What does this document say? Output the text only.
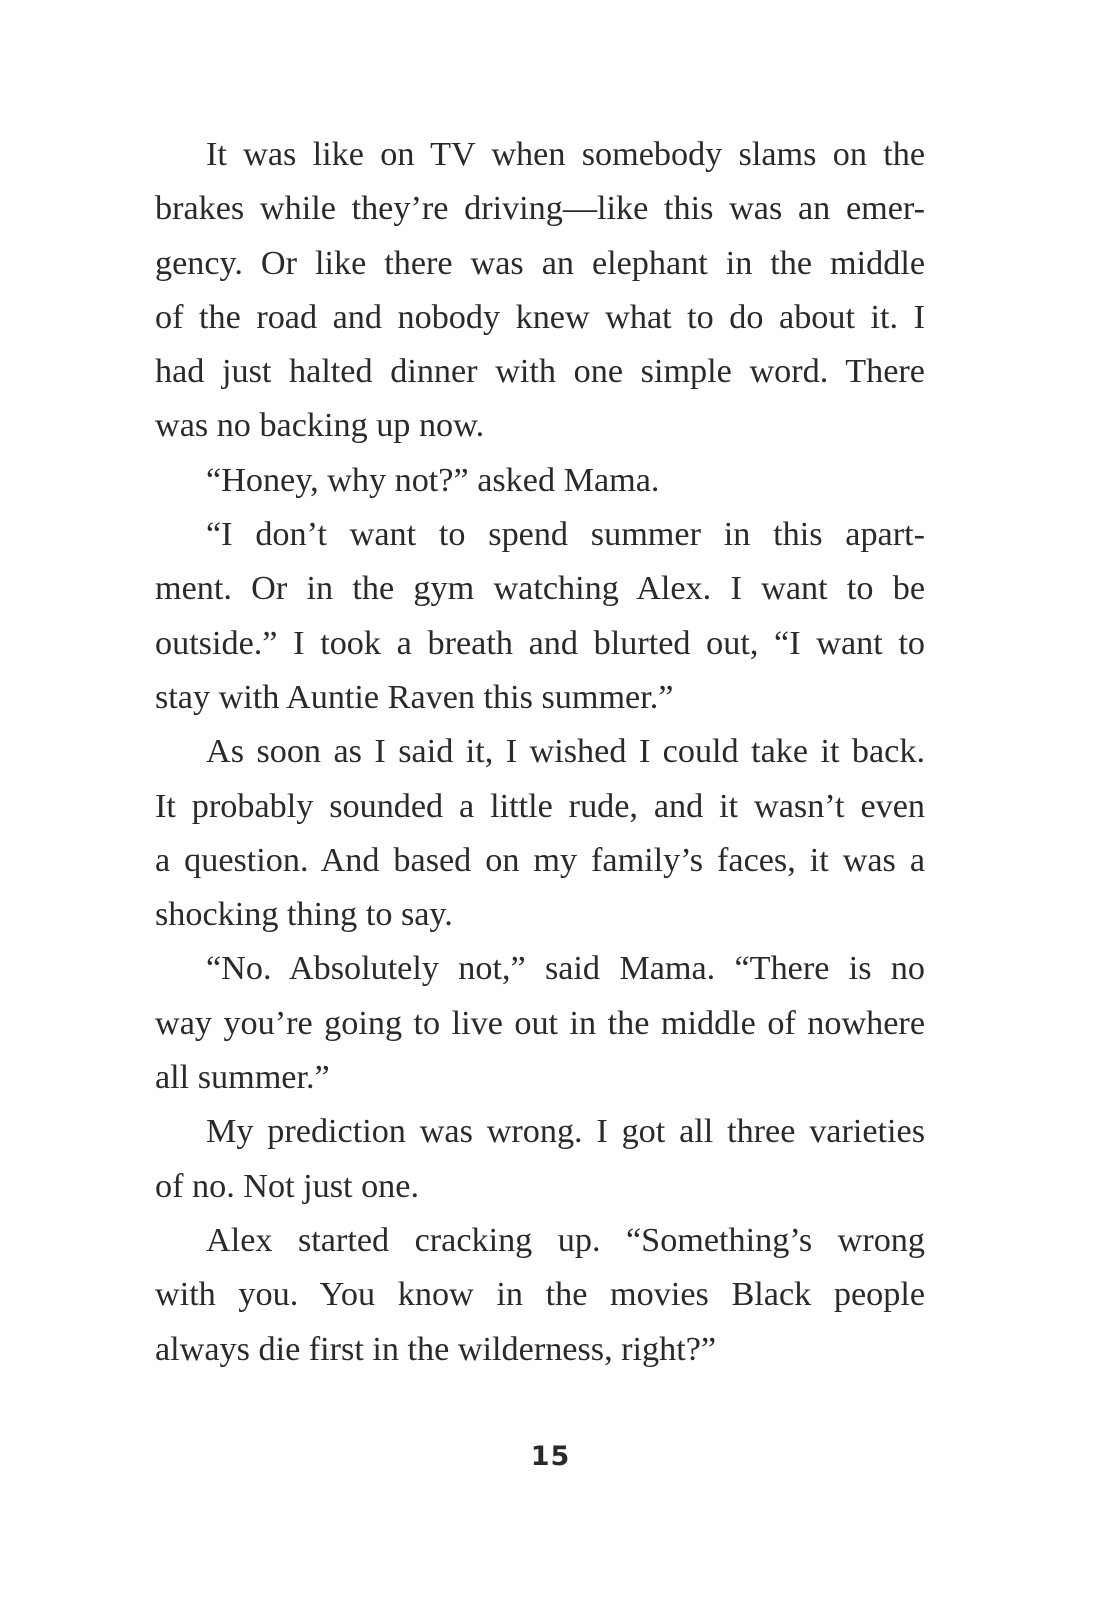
It was like on TV when somebody slams on the
brakes while they’re driving—like this was an emer-
gency. Or like there was an elephant in the middle
of the road and nobody knew what to do about it. I
had just halted dinner with one simple word. There
was no backing up now.
“Honey, why not?” asked Mama.
“I don’t want to spend summer in this apart-
ment. Or in the gym watching Alex. I want to be
outside.” I took a breath and blurted out, “I want to
stay with Auntie Raven this summer.”
As soon as I said it, I wished I could take it back.
It probably sounded a little rude, and it wasn’t even
a question. And based on my family’s faces, it was a
shocking thing to say.
“No. Absolutely not,” said Mama. “There is no
way you’re going to live out in the middle of nowhere
all summer.”
My prediction was wrong. I got all three varieties
of no. Not just one.
Alex started cracking up. “Something’s wrong
with you. You know in the movies Black people
always die first in the wilderness, right?”
15
